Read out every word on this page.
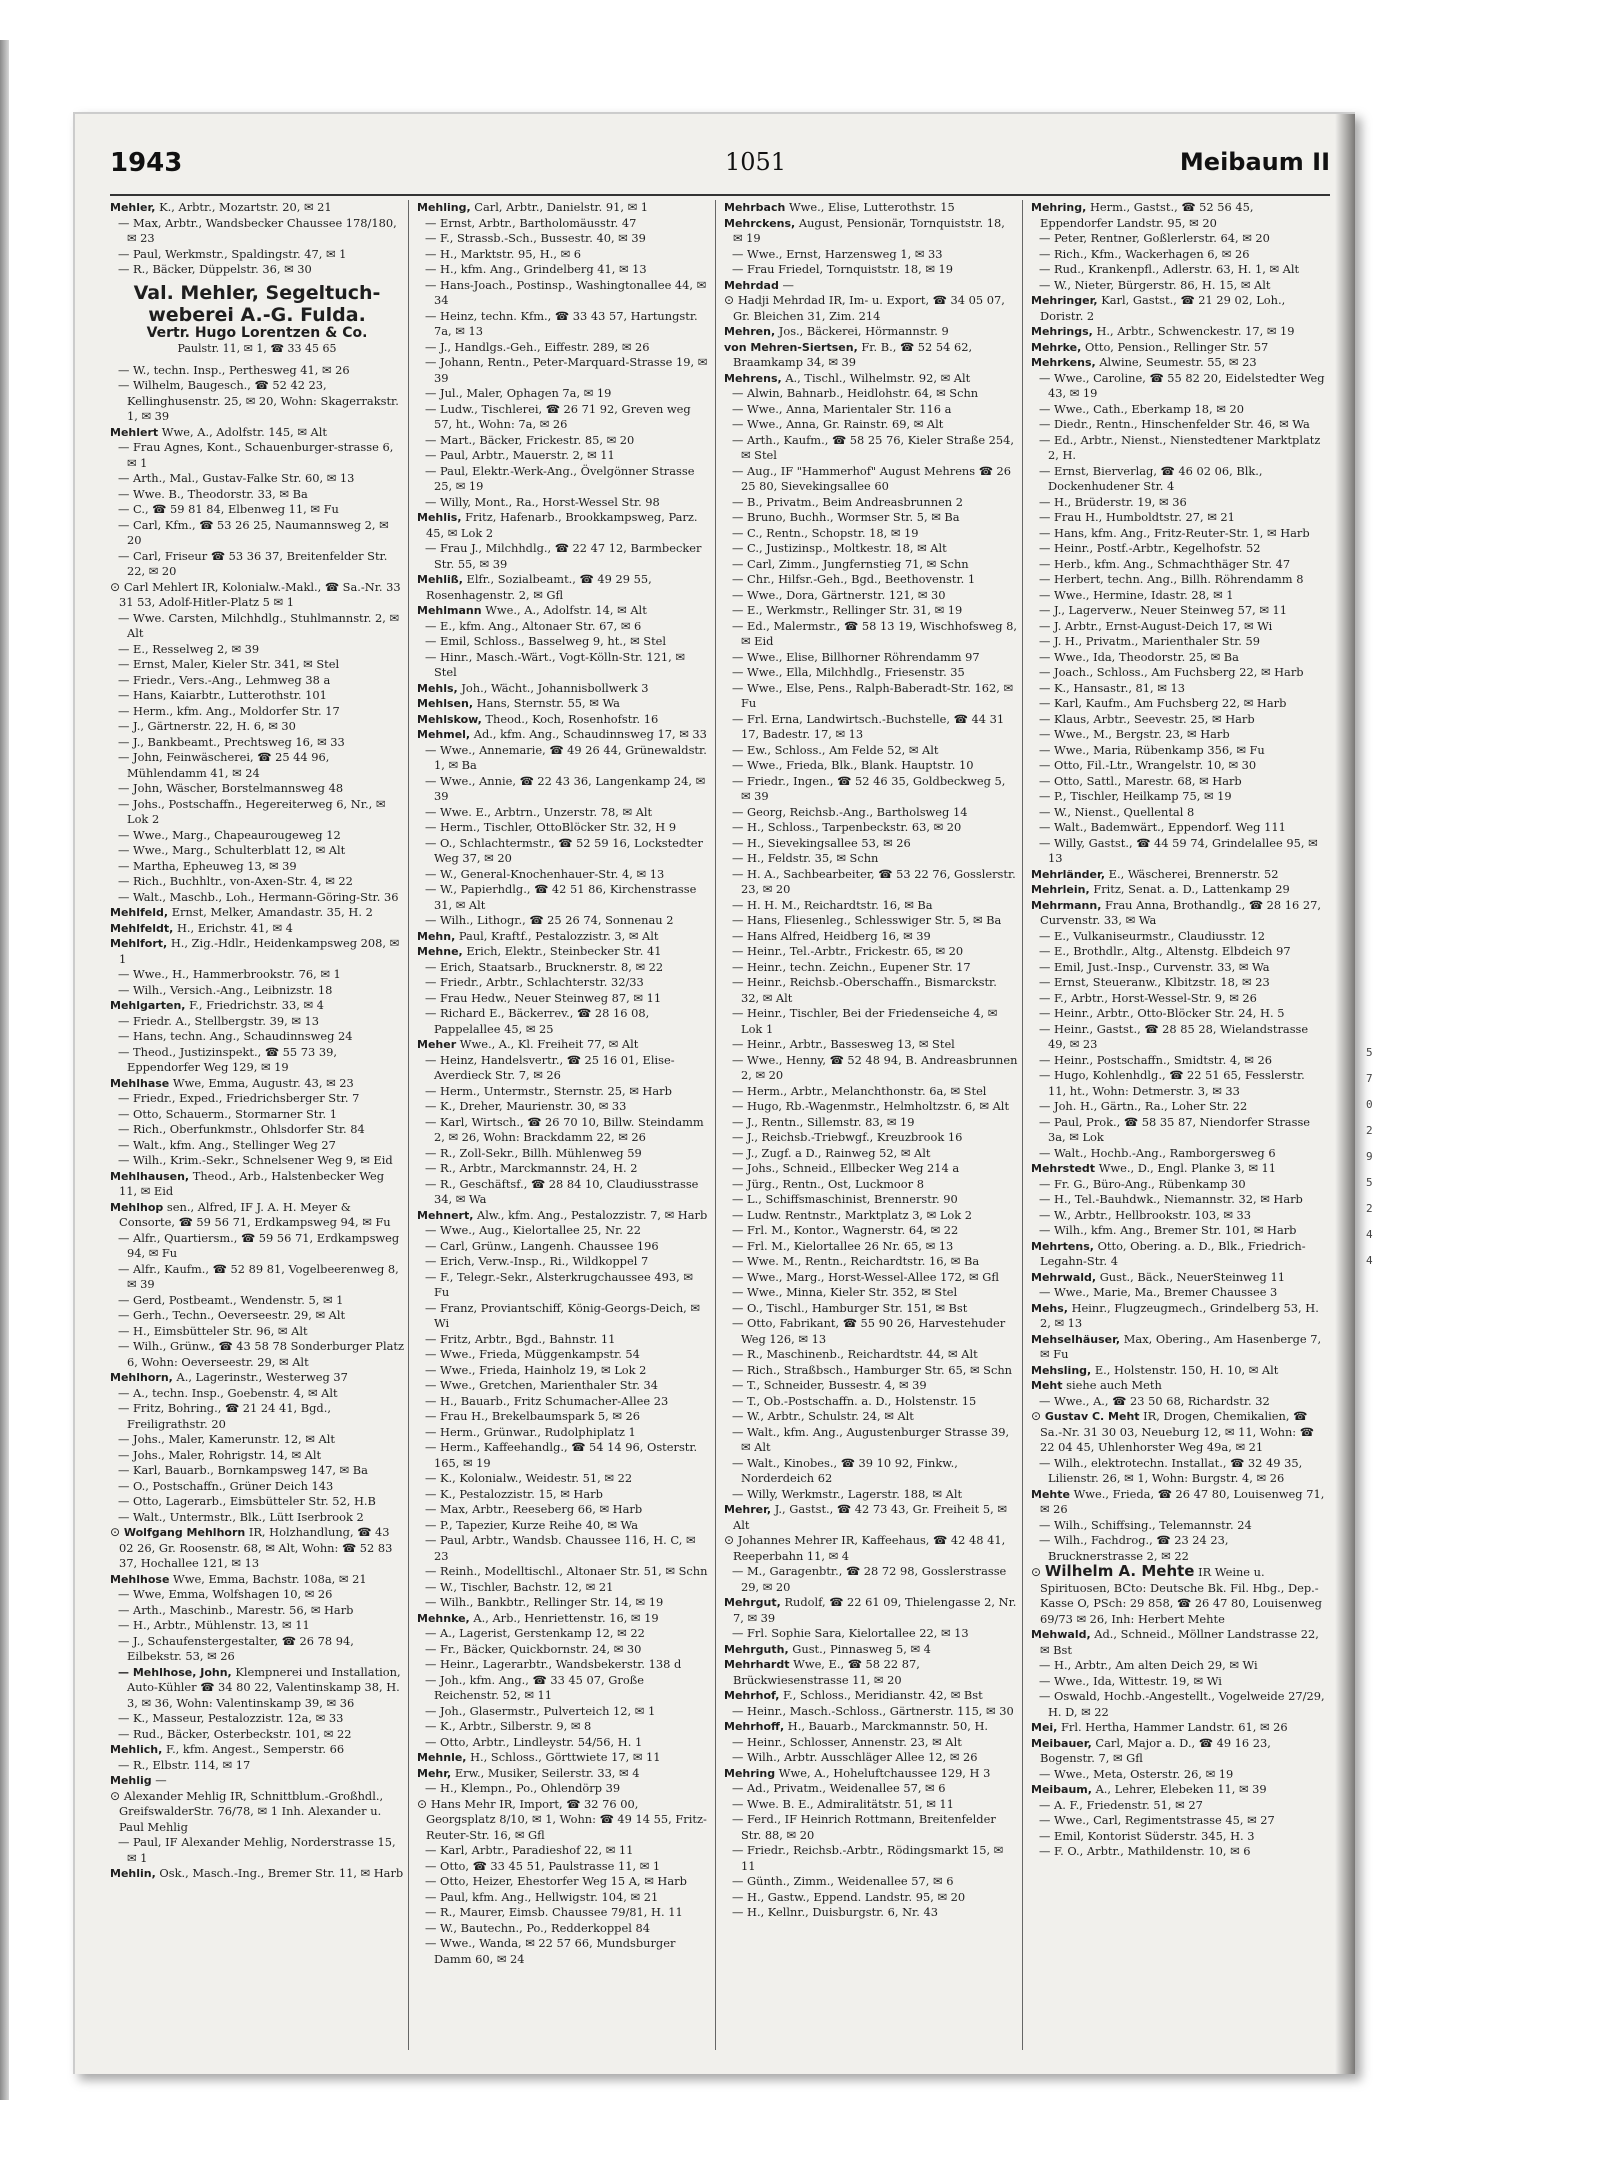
1943	1051	Meibaum II

Mehler, K., Arbtr., Mozartstr. 20, ✉ 21

— Max, Arbtr., Wandsbecker Chaussee 178/180, ✉ 23

— Paul, Werkmstr., Spaldingstr. 47, ✉ 1

— R., Bäcker, Düppelstr. 36, ✉ 30

Val. Mehler, Segeltuch-weberei A.-G. Fulda.
Vertr. Hugo Lorentzen & Co.
Paulstr. 11, ✉ 1, ☎ 33 45 65

— W., techn. Insp., Perthesweg 41, ✉ 26

— Wilhelm, Baugesch., ☎ 52 42 23, Kellinghusenstr. 25, ✉ 20, Wohn: Skagerrakstr. 1, ✉ 39

Mehlert Wwe, A., Adolfstr. 145, ✉ Alt

— Frau Agnes, Kont., Schauenburger-strasse 6, ✉ 1

— Arth., Mal., Gustav-Falke Str. 60, ✉ 13

— Wwe. B., Theodorstr. 33, ✉ Ba

— C., ☎ 59 81 84, Elbenweg 11, ✉ Fu

— Carl, Kfm., ☎ 53 26 25, Naumannsweg 2, ✉ 20

— Carl, Friseur ☎ 53 36 37, Breitenfelder Str. 22, ✉ 20

⊙ Carl Mehlert IR, Kolonialw.-Makl., ☎ Sa.-Nr. 33 31 53, Adolf-Hitler-Platz 5 ✉ 1

— Wwe. Carsten, Milchhdlg., Stuhlmannstr. 2, ✉ Alt

— E., Resselweg 2, ✉ 39

— Ernst, Maler, Kieler Str. 341, ✉ Stel

— Friedr., Vers.-Ang., Lehmweg 38 a

— Hans, Kaiarbtr., Lutterothstr. 101

— Herm., kfm. Ang., Moldorfer Str. 17

— J., Gärtnerstr. 22, H. 6, ✉ 30

— J., Bankbeamt., Prechtsweg 16, ✉ 33

— John, Feinwäscherei, ☎ 25 44 96, Mühlendamm 41, ✉ 24

— John, Wäscher, Borstelmannsweg 48

— Johs., Postschaffn., Hegereiterweg 6, Nr., ✉ Lok 2

— Wwe., Marg., Chapeaurougeweg 12

— Wwe., Marg., Schulterblatt 12, ✉ Alt

— Martha, Epheuweg 13, ✉ 39

— Rich., Buchhltr., von-Axen-Str. 4, ✉ 22

— Walt., Maschb., Loh., Hermann-Göring-Str. 36

Mehlfeld, Ernst, Melker, Amandastr. 35, H. 2

Mehlfeldt, H., Erichstr. 41, ✉ 4

Mehlfort, H., Zig.-Hdlr., Heidenkampsweg 208, ✉ 1

— Wwe., H., Hammerbrookstr. 76, ✉ 1

— Wilh., Versich.-Ang., Leibnizstr. 18

Mehlgarten, F., Friedrichstr. 33, ✉ 4

— Friedr. A., Stellbergstr. 39, ✉ 13

— Hans, techn. Ang., Schaudinnsweg 24

— Theod., Justizinspekt., ☎ 55 73 39, Eppendorfer Weg 129, ✉ 19

Mehlhase Wwe, Emma, Augustr. 43, ✉ 23

— Friedr., Exped., Friedrichsberger Str. 7

— Otto, Schauerm., Stormarner Str. 1

— Rich., Oberfunkmstr., Ohlsdorfer Str. 84

— Walt., kfm. Ang., Stellinger Weg 27

— Wilh., Krim.-Sekr., Schnelsener Weg 9, ✉ Eid

Mehlhausen, Theod., Arb., Halstenbecker Weg 11, ✉ Eid

Mehlhop sen., Alfred, IF J. A. H. Meyer & Consorte, ☎ 59 56 71, Erdkampsweg 94, ✉ Fu

— Alfr., Quartiersm., ☎ 59 56 71, Erdkampsweg 94, ✉ Fu

— Alfr., Kaufm., ☎ 52 89 81, Vogelbeerenweg 8, ✉ 39

— Gerd, Postbeamt., Wendenstr. 5, ✉ 1

— Gerh., Techn., Oeverseestr. 29, ✉ Alt

— H., Eimsbütteler Str. 96, ✉ Alt

— Wilh., Grünw., ☎ 43 58 78 Sonderburger Platz 6, Wohn: Oeverseestr. 29, ✉ Alt

Mehlhorn, A., Lagerinstr., Westerweg 37

— A., techn. Insp., Goebenstr. 4, ✉ Alt

— Fritz, Bohring., ☎ 21 24 41, Bgd., Freiligrathstr. 20

— Johs., Maler, Kamerunstr. 12, ✉ Alt

— Johs., Maler, Rohrigstr. 14, ✉ Alt

— Karl, Bauarb., Bornkampsweg 147, ✉ Ba

— O., Postschaffn., Grüner Deich 143

— Otto, Lagerarb., Eimsbütteler Str. 52, H.B

— Walt., Untermstr., Blk., Lütt Iserbrook 2

⊙ Wolfgang Mehlhorn IR, Holzhandlung, ☎ 43 02 26, Gr. Roosenstr. 68, ✉ Alt, Wohn: ☎ 52 83 37, Hochallee 121, ✉ 13

Mehlhose Wwe, Emma, Bachstr. 108a, ✉ 21

— Wwe, Emma, Wolfshagen 10, ✉ 26

— Arth., Maschinb., Marestr. 56, ✉ Harb

— H., Arbtr., Mühlenstr. 13, ✉ 11

— J., Schaufenstergestalter, ☎ 26 78 94, Eilbekstr. 53, ✉ 26

— Mehlhose, John, Klempnerei und Installation, Auto-Kühler ☎ 34 80 22, Valentinskamp 38, H. 3, ✉ 36, Wohn: Valentinskamp 39, ✉ 36

— K., Masseur, Pestalozzistr. 12a, ✉ 33

— Rud., Bäcker, Osterbeckstr. 101, ✉ 22

Mehlich, F., kfm. Angest., Semperstr. 66

— R., Elbstr. 114, ✉ 17

Mehlig —

⊙ Alexander Mehlig IR, Schnittblum.-Großhdl., GreifswalderStr. 76/78, ✉ 1 Inh. Alexander u. Paul Mehlig

— Paul, IF Alexander Mehlig, Norderstrasse 15, ✉ 1

Mehlin, Osk., Masch.-Ing., Bremer Str. 11, ✉ Harb

Mehling, Carl, Arbtr., Danielstr. 91, ✉ 1

— Ernst, Arbtr., Bartholomäusstr. 47

— F., Strassb.-Sch., Bussestr. 40, ✉ 39

— H., Marktstr. 95, H., ✉ 6

— H., kfm. Ang., Grindelberg 41, ✉ 13

— Hans-Joach., Postinsp., Washingtonallee 44, ✉ 34

— Heinz, techn. Kfm., ☎ 33 43 57, Hartungstr. 7a, ✉ 13

— J., Handlgs.-Geh., Eiffestr. 289, ✉ 26

— Johann, Rentn., Peter-Marquard-Strasse 19, ✉ 39

— Jul., Maler, Ophagen 7a, ✉ 19

— Ludw., Tischlerei, ☎ 26 71 92, Greven weg 57, ht., Wohn: 7a, ✉ 26

— Mart., Bäcker, Frickestr. 85, ✉ 20

— Paul, Arbtr., Mauerstr. 2, ✉ 11

— Paul, Elektr.-Werk-Ang., Övelgönner Strasse 25, ✉ 19

— Willy, Mont., Ra., Horst-Wessel Str. 98

Mehlis, Fritz, Hafenarb., Brookkampsweg, Parz. 45, ✉ Lok 2

— Frau J., Milchhdlg., ☎ 22 47 12, Barmbecker Str. 55, ✉ 39

Mehliß, Elfr., Sozialbeamt., ☎ 49 29 55, Rosenhagenstr. 2, ✉ Gfl

Mehlmann Wwe., A., Adolfstr. 14, ✉ Alt

— E., kfm. Ang., Altonaer Str. 67, ✉ 6

— Emil, Schloss., Basselweg 9, ht., ✉ Stel

— Hinr., Masch.-Wärt., Vogt-Kölln-Str. 121, ✉ Stel

Mehls, Joh., Wächt., Johannisbollwerk 3

Mehlsen, Hans, Sternstr. 55, ✉ Wa

Mehlskow, Theod., Koch, Rosenhofstr. 16

Mehmel, Ad., kfm. Ang., Schaudinnsweg 17, ✉ 33

— Wwe., Annemarie, ☎ 49 26 44, Grünewaldstr. 1, ✉ Ba

— Wwe., Annie, ☎ 22 43 36, Langenkamp 24, ✉ 39

— Wwe. E., Arbtrn., Unzerstr. 78, ✉ Alt

— Herm., Tischler, OttoBlöcker Str. 32, H 9

— O., Schlachtermstr., ☎ 52 59 16, Lockstedter Weg 37, ✉ 20

— W., General-Knochenhauer-Str. 4, ✉ 13

— W., Papierhdlg., ☎ 42 51 86, Kirchenstrasse 31, ✉ Alt

— Wilh., Lithogr., ☎ 25 26 74, Sonnenau 2

Mehn, Paul, Kraftf., Pestalozzistr. 3, ✉ Alt

Mehne, Erich, Elektr., Steinbecker Str. 41

— Erich, Staatsarb., Brucknerstr. 8, ✉ 22

— Friedr., Arbtr., Schlachterstr. 32/33

— Frau Hedw., Neuer Steinweg 87, ✉ 11

— Richard E., Bäckerrev., ☎ 28 16 08, Pappelallee 45, ✉ 25

Meher Wwe., A., Kl. Freiheit 77, ✉ Alt

— Heinz, Handelsvertr., ☎ 25 16 01, Elise-Averdieck Str. 7, ✉ 26

— Herm., Untermstr., Sternstr. 25, ✉ Harb

— K., Dreher, Maurienstr. 30, ✉ 33

— Karl, Wirtsch., ☎ 26 70 10, Billw. Steindamm 2, ✉ 26, Wohn: Brackdamm 22, ✉ 26

— R., Zoll-Sekr., Billh. Mühlenweg 59

— R., Arbtr., Marckmannstr. 24, H. 2

— R., Geschäftsf., ☎ 28 84 10, Claudiusstrasse 34, ✉ Wa

Mehnert, Alw., kfm. Ang., Pestalozzistr. 7, ✉ Harb

— Wwe., Aug., Kielortallee 25, Nr. 22

— Carl, Grünw., Langenh. Chaussee 196

— Erich, Verw.-Insp., Ri., Wildkoppel 7

— F., Telegr.-Sekr., Alsterkrugchaussee 493, ✉ Fu

— Franz, Proviantschiff, König-Georgs-Deich, ✉ Wi

— Fritz, Arbtr., Bgd., Bahnstr. 11

— Wwe., Frieda, Müggenkampstr. 54

— Wwe., Frieda, Hainholz 19, ✉ Lok 2

— Wwe., Gretchen, Marienthaler Str. 34

— H., Bauarb., Fritz Schumacher-Allee 23

— Frau H., Brekelbaumspark 5, ✉ 26

— Herm., Grünwar., Rudolphiplatz 1

— Herm., Kaffeehandlg., ☎ 54 14 96, Osterstr. 165, ✉ 19

— K., Kolonialw., Weidestr. 51, ✉ 22

— K., Pestalozzistr. 15, ✉ Harb

— Max, Arbtr., Reeseberg 66, ✉ Harb

— P., Tapezier, Kurze Reihe 40, ✉ Wa

— Paul, Arbtr., Wandsb. Chaussee 116, H. C, ✉ 23

— Reinh., Modelltischl., Altonaer Str. 51, ✉ Schn

— W., Tischler, Bachstr. 12, ✉ 21

— Wilh., Bankbtr., Rellinger Str. 14, ✉ 19

Mehnke, A., Arb., Henriettenstr. 16, ✉ 19

— A., Lagerist, Gerstenkamp 12, ✉ 22

— Fr., Bäcker, Quickbornstr. 24, ✉ 30

— Heinr., Lagerarbtr., Wandsbekerstr. 138 d

— Joh., kfm. Ang., ☎ 33 45 07, Große Reichenstr. 52, ✉ 11

— Joh., Glasermstr., Pulverteich 12, ✉ 1

— K., Arbtr., Silberstr. 9, ✉ 8

— Otto, Arbtr., Lindleystr. 54/56, H. 1

Mehnle, H., Schloss., Görttwiete 17, ✉ 11

Mehr, Erw., Musiker, Seilerstr. 33, ✉ 4

— H., Klempn., Po., Ohlendörp 39

⊙ Hans Mehr IR, Import, ☎ 32 76 00, Georgsplatz 8/10, ✉ 1, Wohn: ☎ 49 14 55, Fritz-Reuter-Str. 16, ✉ Gfl

— Karl, Arbtr., Paradieshof 22, ✉ 11

— Otto, ☎ 33 45 51, Paulstrasse 11, ✉ 1

— Otto, Heizer, Ehestorfer Weg 15 A, ✉ Harb

— Paul, kfm. Ang., Hellwigstr. 104, ✉ 21

— R., Maurer, Eimsb. Chaussee 79/81, H. 11

— W., Bautechn., Po., Redderkoppel 84

— Wwe., Wanda, ✉ 22 57 66, Mundsburger Damm 60, ✉ 24

Mehrbach Wwe., Elise, Lutterothstr. 15

Mehrckens, August, Pensionär, Tornquiststr. 18, ✉ 19

— Wwe., Ernst, Harzensweg 1, ✉ 33

— Frau Friedel, Tornquiststr. 18, ✉ 19

Mehrdad —

⊙ Hadji Mehrdad IR, Im- u. Export, ☎ 34 05 07, Gr. Bleichen 31, Zim. 214

Mehren, Jos., Bäckerei, Hörmannstr. 9

von Mehren-Siertsen, Fr. B., ☎ 52 54 62, Braamkamp 34, ✉ 39

Mehrens, A., Tischl., Wilhelmstr. 92, ✉ Alt

— Alwin, Bahnarb., Heidlohstr. 64, ✉ Schn

— Wwe., Anna, Marientaler Str. 116 a

— Wwe., Anna, Gr. Rainstr. 69, ✉ Alt

— Arth., Kaufm., ☎ 58 25 76, Kieler Straße 254, ✉ Stel

— Aug., IF "Hammerhof" August Mehrens ☎ 26 25 80, Sievekingsallee 60

— B., Privatm., Beim Andreasbrunnen 2

— Bruno, Buchh., Wormser Str. 5, ✉ Ba

— C., Rentn., Schopstr. 18, ✉ 19

— C., Justizinsp., Moltkestr. 18, ✉ Alt

— Carl, Zimm., Jungfernstieg 71, ✉ Schn

— Chr., Hilfsr.-Geh., Bgd., Beethovenstr. 1

— Wwe., Dora, Gärtnerstr. 121, ✉ 30

— E., Werkmstr., Rellinger Str. 31, ✉ 19

— Ed., Malermstr., ☎ 58 13 19, Wischhofsweg 8, ✉ Eid

— Wwe., Elise, Billhorner Röhrendamm 97

— Wwe., Ella, Milchhdlg., Friesenstr. 35

— Wwe., Else, Pens., Ralph-Baberadt-Str. 162, ✉ Fu

— Frl. Erna, Landwirtsch.-Buchstelle, ☎ 44 31 17, Badestr. 17, ✉ 13

— Ew., Schloss., Am Felde 52, ✉ Alt

— Wwe., Frieda, Blk., Blank. Hauptstr. 10

— Friedr., Ingen., ☎ 52 46 35, Goldbeckweg 5, ✉ 39

— Georg, Reichsb.-Ang., Bartholsweg 14

— H., Schloss., Tarpenbeckstr. 63, ✉ 20

— H., Sievekingsallee 53, ✉ 26

— H., Feldstr. 35, ✉ Schn

— H. A., Sachbearbeiter, ☎ 53 22 76, Gosslerstr. 23, ✉ 20

— H. H. M., Reichardtstr. 16, ✉ Ba

— Hans, Fliesenleg., Schlesswiger Str. 5, ✉ Ba

— Hans Alfred, Heidberg 16, ✉ 39

— Heinr., Tel.-Arbtr., Frickestr. 65, ✉ 20

— Heinr., techn. Zeichn., Eupener Str. 17

— Heinr., Reichsb.-Oberschaffn., Bismarckstr. 32, ✉ Alt

— Heinr., Tischler, Bei der Friedenseiche 4, ✉ Lok 1

— Heinr., Arbtr., Bassesweg 13, ✉ Stel

— Wwe., Henny, ☎ 52 48 94, B. Andreasbrunnen 2, ✉ 20

— Herm., Arbtr., Melanchthonstr. 6a, ✉ Stel

— Hugo, Rb.-Wagenmstr., Helmholtzstr. 6, ✉ Alt

— J., Rentn., Sillemstr. 83, ✉ 19

— J., Reichsb.-Triebwgf., Kreuzbrook 16

— J., Zugf. a D., Rainweg 52, ✉ Alt

— Johs., Schneid., Ellbecker Weg 214 a

— Jürg., Rentn., Ost, Luckmoor 8

— L., Schiffsmaschinist, Brennerstr. 90

— Ludw. Rentnstr., Marktplatz 3, ✉ Lok 2

— Frl. M., Kontor., Wagnerstr. 64, ✉ 22

— Frl. M., Kielortallee 26 Nr. 65, ✉ 13

— Wwe. M., Rentn., Reichardtstr. 16, ✉ Ba

— Wwe., Marg., Horst-Wessel-Allee 172, ✉ Gfl

— Wwe., Minna, Kieler Str. 352, ✉ Stel

— O., Tischl., Hamburger Str. 151, ✉ Bst

— Otto, Fabrikant, ☎ 55 90 26, Harvestehuder Weg 126, ✉ 13

— R., Maschinenb., Reichardtstr. 44, ✉ Alt

— Rich., Straßbsch., Hamburger Str. 65, ✉ Schn

— T., Schneider, Bussestr. 4, ✉ 39

— T., Ob.-Postschaffn. a. D., Holstenstr. 15

— W., Arbtr., Schulstr. 24, ✉ Alt

— Walt., kfm. Ang., Augustenburger Strasse 39, ✉ Alt

— Walt., Kinobes., ☎ 39 10 92, Finkw., Norderdeich 62

— Willy, Werkmstr., Lagerstr. 188, ✉ Alt

Mehrer, J., Gastst., ☎ 42 73 43, Gr. Freiheit 5, ✉ Alt

⊙ Johannes Mehrer IR, Kaffeehaus, ☎ 42 48 41, Reeperbahn 11, ✉ 4

— M., Garagenbtr., ☎ 28 72 98, Gosslerstrasse 29, ✉ 20

Mehrgut, Rudolf, ☎ 22 61 09, Thielengasse 2, Nr. 7, ✉ 39

— Frl. Sophie Sara, Kielortallee 22, ✉ 13

Mehrguth, Gust., Pinnasweg 5, ✉ 4

Mehrhardt Wwe, E., ☎ 58 22 87, Brückwiesenstrasse 11, ✉ 20

Mehrhof, F., Schloss., Meridianstr. 42, ✉ Bst

— Heinr., Masch.-Schloss., Gärtnerstr. 115, ✉ 30

Mehrhoff, H., Bauarb., Marckmannstr. 50, H.

— Heinr., Schlosser, Annenstr. 23, ✉ Alt

— Wilh., Arbtr. Ausschläger Allee 12, ✉ 26

Mehring Wwe, A., Hoheluftchaussee 129, H 3

— Ad., Privatm., Weidenallee 57, ✉ 6

— Wwe. B. E., Admiralitätstr. 51, ✉ 11

— Ferd., IF Heinrich Rottmann, Breitenfelder Str. 88, ✉ 20

— Friedr., Reichsb.-Arbtr., Rödingsmarkt 15, ✉ 11

— Günth., Zimm., Weidenallee 57, ✉ 6

— H., Gastw., Eppend. Landstr. 95, ✉ 20

— H., Kellnr., Duisburgstr. 6, Nr. 43

Mehring, Herm., Gastst., ☎ 52 56 45, Eppendorfer Landstr. 95, ✉ 20

— Peter, Rentner, Goßlerlerstr. 64, ✉ 20

— Rich., Kfm., Wackerhagen 6, ✉ 26

— Rud., Krankenpfl., Adlerstr. 63, H. 1, ✉ Alt

— W., Nieter, Bürgerstr. 86, H. 15, ✉ Alt

Mehringer, Karl, Gastst., ☎ 21 29 02, Loh., Doristr. 2

Mehrings, H., Arbtr., Schwenckestr. 17, ✉ 19

Mehrke, Otto, Pension., Rellinger Str. 57

Mehrkens, Alwine, Seumestr. 55, ✉ 23

— Wwe., Caroline, ☎ 55 82 20, Eidelstedter Weg 43, ✉ 19

— Wwe., Cath., Eberkamp 18, ✉ 20

— Diedr., Rentn., Hinschenfelder Str. 46, ✉ Wa

— Ed., Arbtr., Nienst., Nienstedtener Marktplatz 2, H.

— Ernst, Bierverlag, ☎ 46 02 06, Blk., Dockenhudener Str. 4

— H., Brüderstr. 19, ✉ 36

— Frau H., Humboldtstr. 27, ✉ 21

— Hans, kfm. Ang., Fritz-Reuter-Str. 1, ✉ Harb

— Heinr., Postf.-Arbtr., Kegelhofstr. 52

— Herb., kfm. Ang., Schmachthäger Str. 47

— Herbert, techn. Ang., Billh. Röhrendamm 8

— Wwe., Hermine, Idastr. 28, ✉ 1

— J., Lagerverw., Neuer Steinweg 57, ✉ 11

— J. Arbtr., Ernst-August-Deich 17, ✉ Wi

— J. H., Privatm., Marienthaler Str. 59

— Wwe., Ida, Theodorstr. 25, ✉ Ba

— Joach., Schloss., Am Fuchsberg 22, ✉ Harb

— K., Hansastr., 81, ✉ 13

— Karl, Kaufm., Am Fuchsberg 22, ✉ Harb

— Klaus, Arbtr., Seevestr. 25, ✉ Harb

— Wwe., M., Bergstr. 23, ✉ Harb

— Wwe., Maria, Rübenkamp 356, ✉ Fu

— Otto, Fil.-Ltr., Wrangelstr. 10, ✉ 30

— Otto, Sattl., Marestr. 68, ✉ Harb

— P., Tischler, Heilkamp 75, ✉ 19

— W., Nienst., Quellental 8

— Walt., Bademwärt., Eppendorf. Weg 111

— Willy, Gastst., ☎ 44 59 74, Grindelallee 95, ✉ 13

Mehrländer, E., Wäscherei, Brennerstr. 52

Mehrlein, Fritz, Senat. a. D., Lattenkamp 29

Mehrmann, Frau Anna, Brothandlg., ☎ 28 16 27, Curvenstr. 33, ✉ Wa

— E., Vulkaniseurmstr., Claudiusstr. 12

— E., Brothdlr., Altg., Altenstg. Elbdeich 97

— Emil, Just.-Insp., Curvenstr. 33, ✉ Wa

— Ernst, Steueranw., Klbitzstr. 18, ✉ 23

— F., Arbtr., Horst-Wessel-Str. 9, ✉ 26

— Heinr., Arbtr., Otto-Blöcker Str. 24, H. 5

— Heinr., Gastst., ☎ 28 85 28, Wielandstrasse 49, ✉ 23

— Heinr., Postschaffn., Smidtstr. 4, ✉ 26

— Hugo, Kohlenhdlg., ☎ 22 51 65, Fesslerstr. 11, ht., Wohn: Detmerstr. 3, ✉ 33

— Joh. H., Gärtn., Ra., Loher Str. 22

— Paul, Prok., ☎ 58 35 87, Niendorfer Strasse 3a, ✉ Lok

— Walt., Hochb.-Ang., Ramborgersweg 6

Mehrstedt Wwe., D., Engl. Planke 3, ✉ 11

— Fr. G., Büro-Ang., Rübenkamp 30

— H., Tel.-Bauhdwk., Niemannstr. 32, ✉ Harb

— W., Arbtr., Hellbrookstr. 103, ✉ 33

— Wilh., kfm. Ang., Bremer Str. 101, ✉ Harb

Mehrtens, Otto, Obering. a. D., Blk., Friedrich-Legahn-Str. 4

Mehrwald, Gust., Bäck., NeuerSteinweg 11

— Wwe., Marie, Ma., Bremer Chaussee 3

Mehs, Heinr., Flugzeugmech., Grindelberg 53, H. 2, ✉ 13

Mehselhäuser, Max, Obering., Am Hasenberge 7, ✉ Fu

Mehsling, E., Holstenstr. 150, H. 10, ✉ Alt

Meht siehe auch Meth

— Wwe., A., ☎ 23 50 68, Richardstr. 32

⊙ Gustav C. Meht IR, Drogen, Chemikalien, ☎ Sa.-Nr. 31 30 03, Neueburg 12, ✉ 11, Wohn: ☎ 22 04 45, Uhlenhorster Weg 49a, ✉ 21

— Wilh., elektrotechn. Installat., ☎ 32 49 35, Lilienstr. 26, ✉ 1, Wohn: Burgstr. 4, ✉ 26

Mehte Wwe., Frieda, ☎ 26 47 80, Louisenweg 71, ✉ 26

— Wilh., Schiffsing., Telemannstr. 24

— Wilh., Fachdrog., ☎ 23 24 23, Brucknerstrasse 2, ✉ 22

⊙ Wilhelm A. Mehte IR Weine u. Spirituosen, BCto: Deutsche Bk. Fil. Hbg., Dep.-Kasse O, PSch: 29 858, ☎ 26 47 80, Louisenweg 69/73 ✉ 26, Inh: Herbert Mehte

Mehwald, Ad., Schneid., Möllner Landstrasse 22, ✉ Bst

— H., Arbtr., Am alten Deich 29, ✉ Wi

— Wwe., Ida, Wittestr. 19, ✉ Wi

— Oswald, Hochb.-Angestellt., Vogelweide 27/29, H. D, ✉ 22

Mei, Frl. Hertha, Hammer Landstr. 61, ✉ 26

Meibauer, Carl, Major a. D., ☎ 49 16 23, Bogenstr. 7, ✉ Gfl

— Wwe., Meta, Osterstr. 26, ✉ 19

Meibaum, A., Lehrer, Elebeken 11, ✉ 39

— A. F., Friedenstr. 51, ✉ 27

— Wwe., Carl, Regimentstrasse 45, ✉ 27

— Emil, Kontorist Süderstr. 345, H. 3

— F. O., Arbtr., Mathildenstr. 10, ✉ 6

5
7
0
2
9
5
2
4
4
